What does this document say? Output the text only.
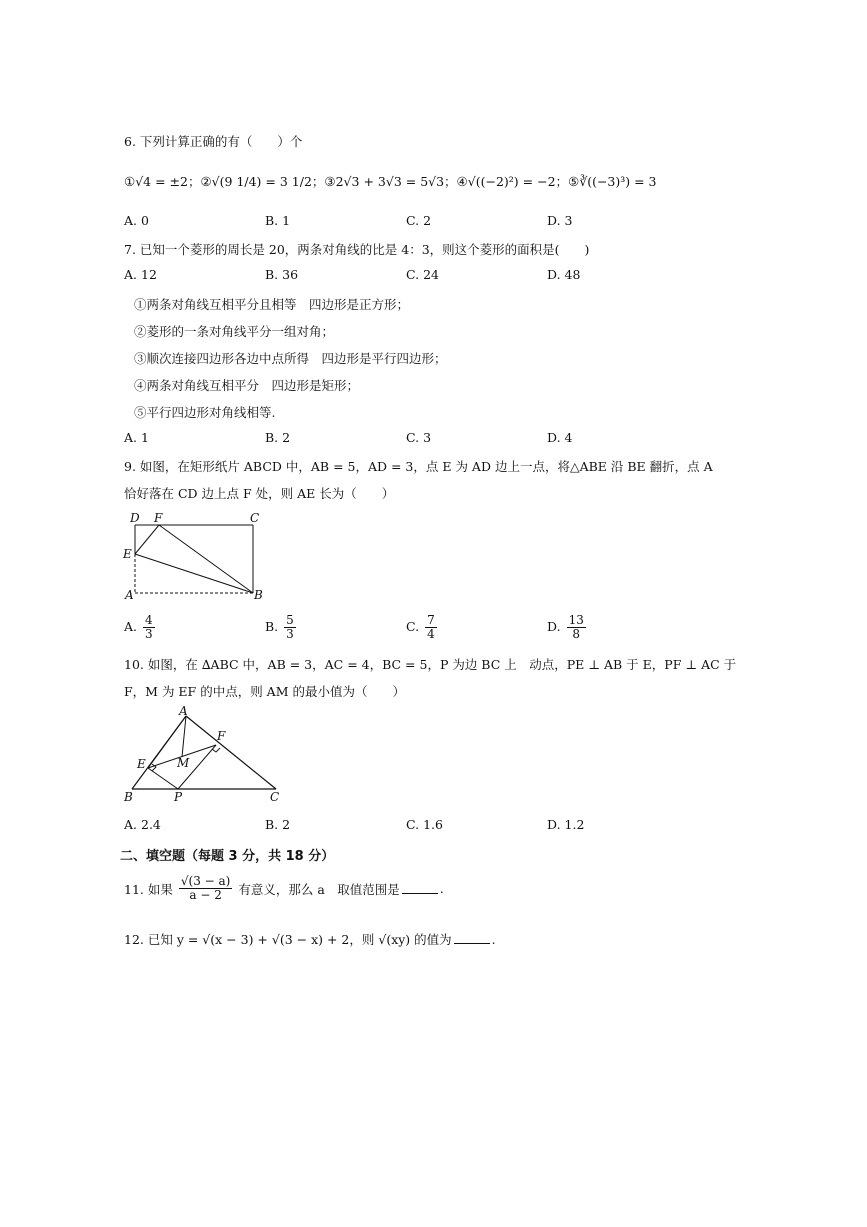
6. 下列计算正确的有（　　）个
①√4 = ±2；②√(9 1/4) = 3 1/2；③2√3 + 3√3 = 5√3；④√((−2)²) = −2；⑤∛((−3)³) = 3
A. 0	B. 1	C. 2	D. 3
7. 已知一个菱形的周长是 20，两条对角线的比是 4：3，则这个菱形的面积是(　　)
A. 12	B. 36	C. 24	D. 48
①两条对角线互相平分且相等　四边形是正方形；
②菱形的一条对角线平分一组对角；
③顺次连接四边形各边中点所得　四边形是平行四边形；
④两条对角线互相平分　四边形是矩形；
⑤平行四边形对角线相等.
A. 1	B. 2	C. 3	D. 4
9. 如图，在矩形纸片 ABCD 中，AB = 5，AD = 3，点 E 为 AD 边上一点，将△ABE 沿 BE 翻折，点 A
恰好落在 CD 边上点 F 处，则 AE 长为（　　）
D F	C
E
A	B
A. $\frac{4}{3}$	B. $\frac{5}{3}$	C. $\frac{7}{4}$	D. $\frac{13}{8}$
10. 如图，在 ∆ABC 中，AB = 3，AC = 4，BC = 5，P 为边 BC 上　动点，PE ⊥ AB 于 E，PF ⊥ AC 于
F，M 为 EF 的中点，则 AM 的最小值为（　　）
A
F
E	M
B	P	C
A. 2.4	B. 2	C. 1.6	D. 1.2
二、填空题（每题 3 分，共 18 分）
11. 如果 $\frac{√(3 - a)}{a - 2}$ 有意义，那么 a　取值范围是	.
12. 已知 y = √(x − 3) + √(3 − x) + 2，则 √(xy) 的值为	.
